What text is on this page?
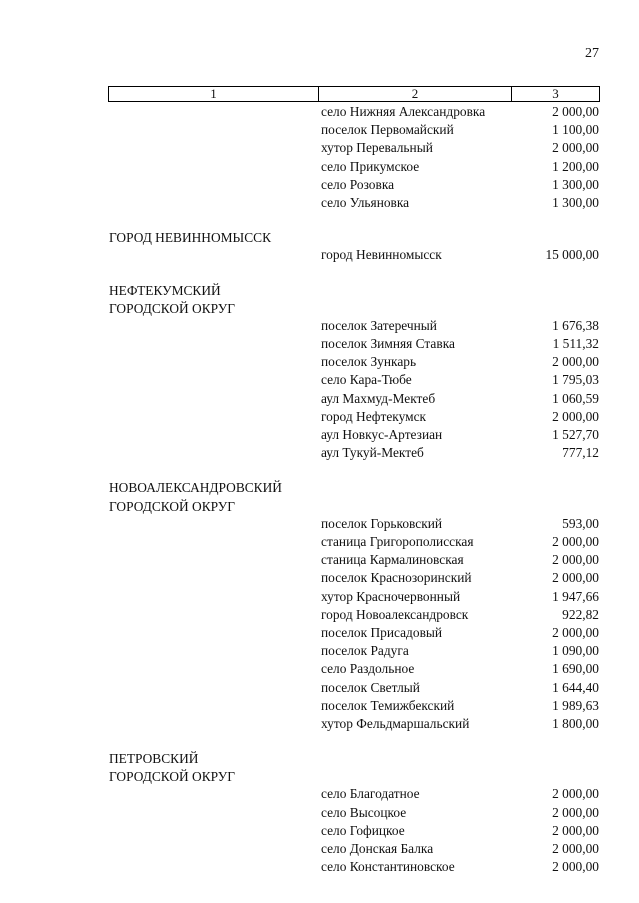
27
1	2	3
село Нижняя Александровка	2 000,00
поселок Первомайский	1 100,00
хутор Перевальный	2 000,00
село Прикумское	1 200,00
село Розовка	1 300,00
село Ульяновка	1 300,00
ГОРОД НЕВИННОМЫССК
город Невинномысск	15 000,00
НЕФТЕКУМСКИЙ
ГОРОДСКОЙ ОКРУГ
поселок Затеречный	1 676,38
поселок Зимняя Ставка	1 511,32
поселок Зункарь	2 000,00
село Кара-Тюбе	1 795,03
аул Махмуд-Мектеб	1 060,59
город Нефтекумск	2 000,00
аул Новкус-Артезиан	1 527,70
аул Тукуй-Мектеб	777,12
НОВОАЛЕКСАНДРОВСКИЙ
ГОРОДСКОЙ ОКРУГ
поселок Горьковский	593,00
станица Григорополисская	2 000,00
станица Кармалиновская	2 000,00
поселок Краснозоринский	2 000,00
хутор Красночервонный	1 947,66
город Новоалександровск	922,82
поселок Присадовый	2 000,00
поселок Радуга	1 090,00
село Раздольное	1 690,00
поселок Светлый	1 644,40
поселок Темижбекский	1 989,63
хутор Фельдмаршальский	1 800,00
ПЕТРОВСКИЙ
ГОРОДСКОЙ ОКРУГ
село Благодатное	2 000,00
село Высоцкое	2 000,00
село Гофицкое	2 000,00
село Донская Балка	2 000,00
село Константиновское	2 000,00
